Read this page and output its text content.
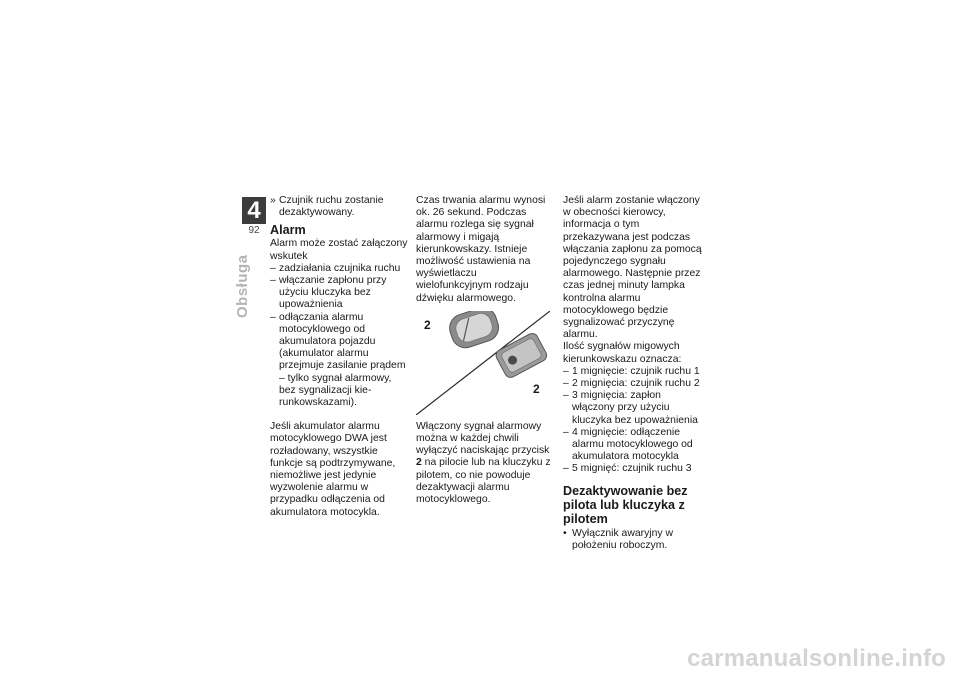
4
92
Obsługa
» Czujnik ruchu zostanie dezaktywowany.
Alarm

Alarm może zostać załączony wskutek

– zadziałania czujnika ruchu
– włączanie zapłonu przy użyciu kluczyka bez upoważnienia
– odłączania alarmu motocyklowego od akumulatora pojazdu (akumulator alarmu przejmuje zasilanie prądem – tylko sygnał alarmowy, bez sygnalizacji kierunkowskazami).

Jeśli akumulator alarmu motocyklowego DWA jest rozładowany, wszystkie funkcje są podtrzymywane, niemożliwe jest jedynie wyzwolenie alarmu w przypadku odłączenia od akumulatora motocykla.

Czas trwania alarmu wynosi ok. 26 sekund. Podczas alarmu rozlega się sygnał alarmowy i migają kierunkowskazy. Istnieje możliwość ustawienia na wyświetlaczu wielofunkcyjnym rodzaju dźwięku alarmowego.

2
2

Włączony sygnał alarmowy można w każdej chwili wyłączyć naciskając przycisk 2 na pilocie lub na kluczyku z pilotem, co nie powoduje dezaktywacji alarmu motocyklowego.

Jeśli alarm zostanie włączony w obecności kierowcy, informacja o tym przekazywana jest podczas włączania zapłonu za pomocą pojedynczego sygnału alarmowego. Następnie przez czas jednej minuty lampka kontrolna alarmu motocyklowego będzie sygnalizować przyczynę alarmu.

Ilość sygnałów migowych kierunkowskazu oznacza:

– 1 mignięcie: czujnik ruchu 1
– 2 mignięcia: czujnik ruchu 2
– 3 mignięcia: zapłon włączony przy użyciu kluczyka bez upoważnienia
– 4 mignięcie: odłączenie alarmu motocyklowego od akumulatora motocykla
– 5 mignięć: czujnik ruchu 3
Dezaktywowanie bez pilota lub kluczyka z pilotem
• Wyłącznik awaryjny w położeniu roboczym.
carmanualsonline.info
